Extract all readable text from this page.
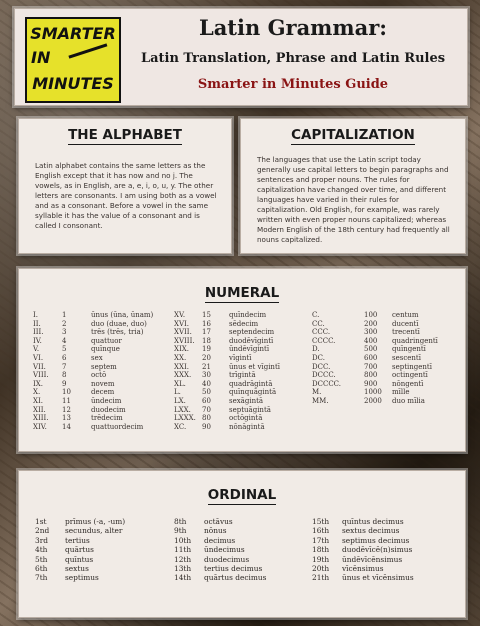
SMARTER
IN
MINUTES
Latin Grammar:
Latin Translation, Phrase and Latin Rules
Smarter in Minutes Guide
THE ALPHABET
Latin alphabet contains the same letters as the English except that it has now and no j. The vowels, as in English, are a, e, i, o, u, y. The other letters are consonants. I am using both as a vowel and as a consonant. Before a vowel in the same syllable it has the value of a consonant and is called I consonant.
CAPITALIZATION
The languages that use the Latin script today generally use capital letters to begin paragraphs and sentences and proper nouns. The rules for capitalization have changed over time, and different languages have varied in their rules for capitalization. Old English, for example, was rarely written with even proper nouns capitalized; whereas Modern English of the 18th century had frequently all nouns capitalized.
NUMERAL
I.
II.
III.
IV.
V.
VI.
VII.
VIII.
IX.
X.
XI.
XII.
XIII.
XIV.
1
2
3
4
5
6
7
8
9
10
11
12
13
14
ūnus (ūna, ūnam)
duo (duae, duo)
trēs (trēs, tria)
quattuor
quīnque
sex
septem
octō
novem
decem
ūndecim
duodecim
trēdecim
quattuordecim
XV.
XVI.
XVII.
XVIII.
XIX.
XX.
XXI.
XXX.
XL.
L.
LX.
LXX.
LXXX.
XC.
15
16
17
18
19
20
21
30
40
50
60
70
80
90
quīndecim
sēdecim
septendecim
duodēvīgintī
ūndēvīgintī
vīgintī
ūnus et vīgintī
trīgintā
quadrāgintā
quīnquāgintā
sexāgintā
septuāgintā
octōgintā
nōnāgintā
C.
CC.
CCC.
CCCC.
D.
DC.
DCC.
DCCC.
DCCCC.
M.
MM.
100
200
300
400
500
600
700
800
900
1000
2000
centum
ducentī
trecentī
quadringentī
quīngentī
sescentī
septingentī
octingentī
nōngentī
mīlle
duo mīlia
ORDINAL
1st
2nd
3rd
4th
5th
6th
7th
prīmus (-a, -um)
secundus, alter
tertius
quārtus
quīntus
sextus
septimus
8th
9th
10th
11th
12th
13th
14th
octāvus
nōnus
decimus
ūndecimus
duodecimus
tertius decimus
quārtus decimus
15th
16th
17th
18th
19th
20th
21th
quīntus decimus
sextus decimus
septimus decimus
duodēvīcē(n)simus
ūndēvīcēnsimus
vīcēnsimus
ūnus et vīcēnsimus
